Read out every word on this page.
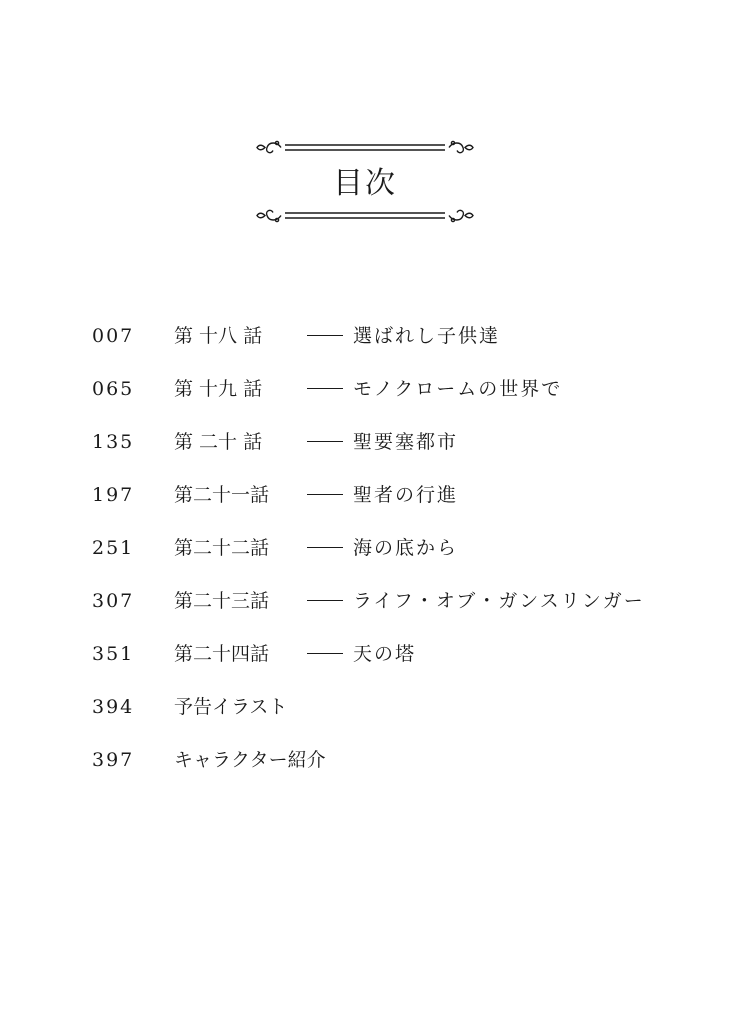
目次
007 第 十八 話	選ばれし子供達
065 第 十九 話	モノクロームの世界で
135 第 二十 話	聖要塞都市
197 第二十一話	聖者の行進
251 第二十二話	海の底から
307 第二十三話	ライフ・オブ・ガンスリンガー
351 第二十四話	天の塔
394 予告イラスト
397 キャラクター紹介
